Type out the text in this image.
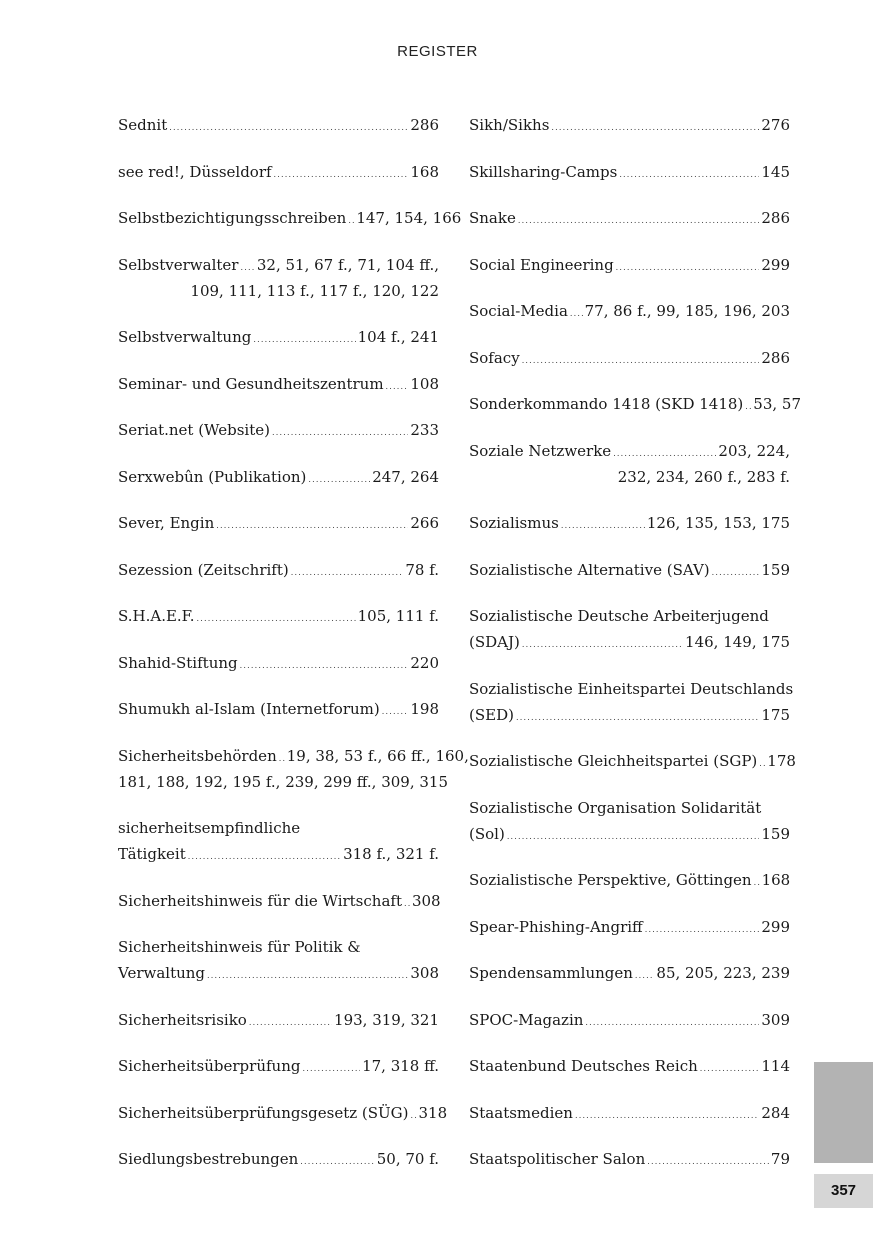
REGISTER
Sednit .....	286
see red!, Düsseldorf .....	168
Selbstbezichtigungsschreiben ..... 147, 154, 166
Selbstverwalter ..... 32, 51, 67 f., 71, 104 ff.,
109, 111, 113 f., 117 f., 120, 122
Selbstverwaltung .....	104 f., 241
Seminar- und Gesundheitszentrum ..... 108
Seriat.net (Website) .....	233
Serxwebûn (Publikation) .....	247, 264
Sever, Engin .....	266
Sezession (Zeitschrift) .....	78 f.
S.H.A.E.F. .....	105, 111 f.
Shahid-Stiftung .....	220
Shumukh al-Islam (Internetforum) ..... 198
Sicherheitsbehörden ..... 19, 38, 53 f., 66 ff., 160,
181, 188, 192, 195 f., 239, 299 ff., 309, 315
sicherheitsempfindliche
Tätigkeit .....	318 f., 321 f.
Sicherheitshinweis für die Wirtschaft ..... 308
Sicherheitshinweis für Politik &
Verwaltung .....	308
Sicherheitsrisiko .....	193, 319, 321
Sicherheitsüberprüfung .....	17, 318 ff.
Sicherheitsüberprüfungsgesetz (SÜG) ..... 318
Siedlungsbestrebungen .....	50, 70 f.
Sikh/Sikhs .....	276
Skillsharing-Camps .....	145
Snake .....	286
Social Engineering .....	299
Social-Media ..... 77, 86 f., 99, 185, 196, 203
Sofacy .....	286
Sonderkommando 1418 (SKD 1418) ..... 53, 57
Soziale Netzwerke .....	203, 224,
232, 234, 260 f., 283 f.
Sozialismus .....	126, 135, 153, 175
Sozialistische Alternative (SAV) .....	159
Sozialistische Deutsche Arbeiterjugend
(SDAJ) .....	146, 149, 175
Sozialistische Einheitspartei Deutschlands
(SED) .....	175
Sozialistische Gleichheitspartei (SGP) ..... 178
Sozialistische Organisation Solidarität
(Sol) .....	159
Sozialistische Perspektive, Göttingen ..... 168
Spear-Phishing-Angriff .....	299
Spendensammlungen ..... 85, 205, 223, 239
SPOC-Magazin .....	309
Staatenbund Deutsches Reich .....	114
Staatsmedien .....	284
Staatspolitischer Salon .....	79
357
